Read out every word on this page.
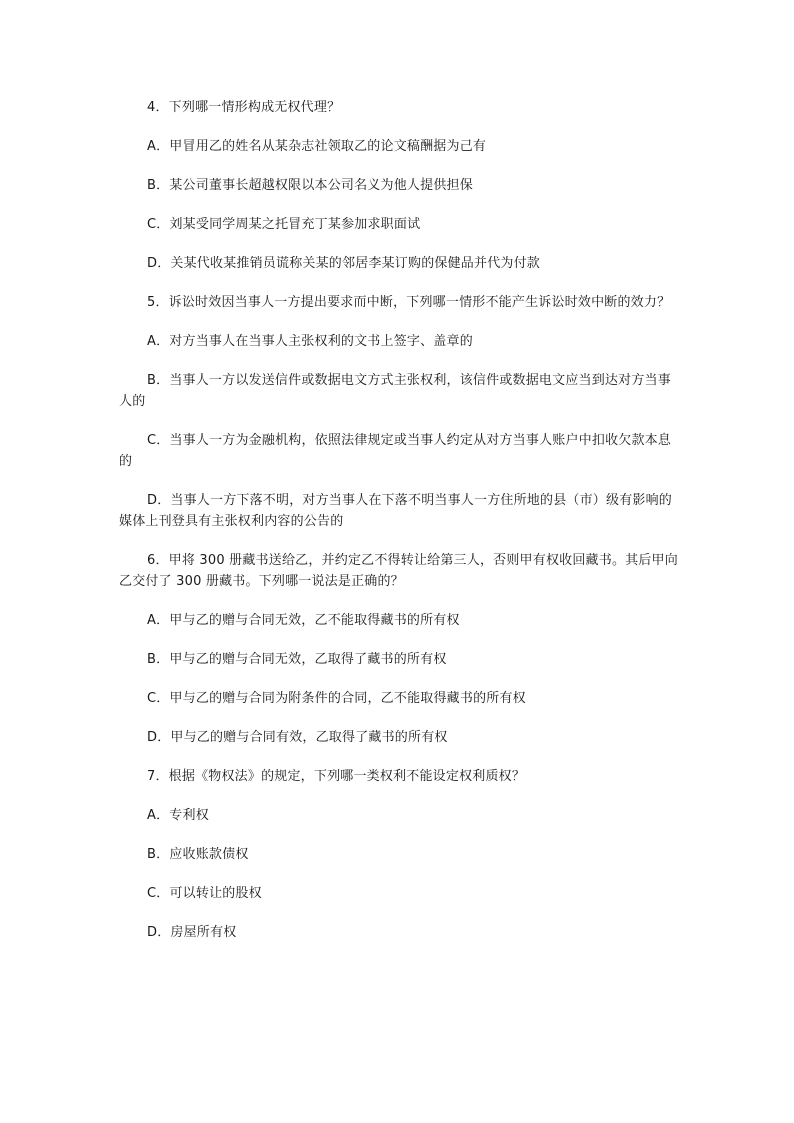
4．下列哪一情形构成无权代理？

A．甲冒用乙的姓名从某杂志社领取乙的论文稿酬据为己有

B．某公司董事长超越权限以本公司名义为他人提供担保

C．刘某受同学周某之托冒充丁某参加求职面试

D．关某代收某推销员谎称关某的邻居李某订购的保健品并代为付款

5．诉讼时效因当事人一方提出要求而中断，下列哪一情形不能产生诉讼时效中断的效力？

A．对方当事人在当事人主张权利的文书上签字、盖章的

B．当事人一方以发送信件或数据电文方式主张权利，该信件或数据电文应当到达对方当事人的

C．当事人一方为金融机构，依照法律规定或当事人约定从对方当事人账户中扣收欠款本息的

D．当事人一方下落不明，对方当事人在下落不明当事人一方住所地的县（市）级有影响的媒体上刊登具有主张权利内容的公告的

6．甲将 300 册藏书送给乙，并约定乙不得转让给第三人，否则甲有权收回藏书。其后甲向乙交付了 300 册藏书。下列哪一说法是正确的？

A．甲与乙的赠与合同无效，乙不能取得藏书的所有权

B．甲与乙的赠与合同无效，乙取得了藏书的所有权

C．甲与乙的赠与合同为附条件的合同，乙不能取得藏书的所有权

D．甲与乙的赠与合同有效，乙取得了藏书的所有权

7．根据《物权法》的规定，下列哪一类权利不能设定权利质权？

A．专利权

B．应收账款债权

C．可以转让的股权

D．房屋所有权
